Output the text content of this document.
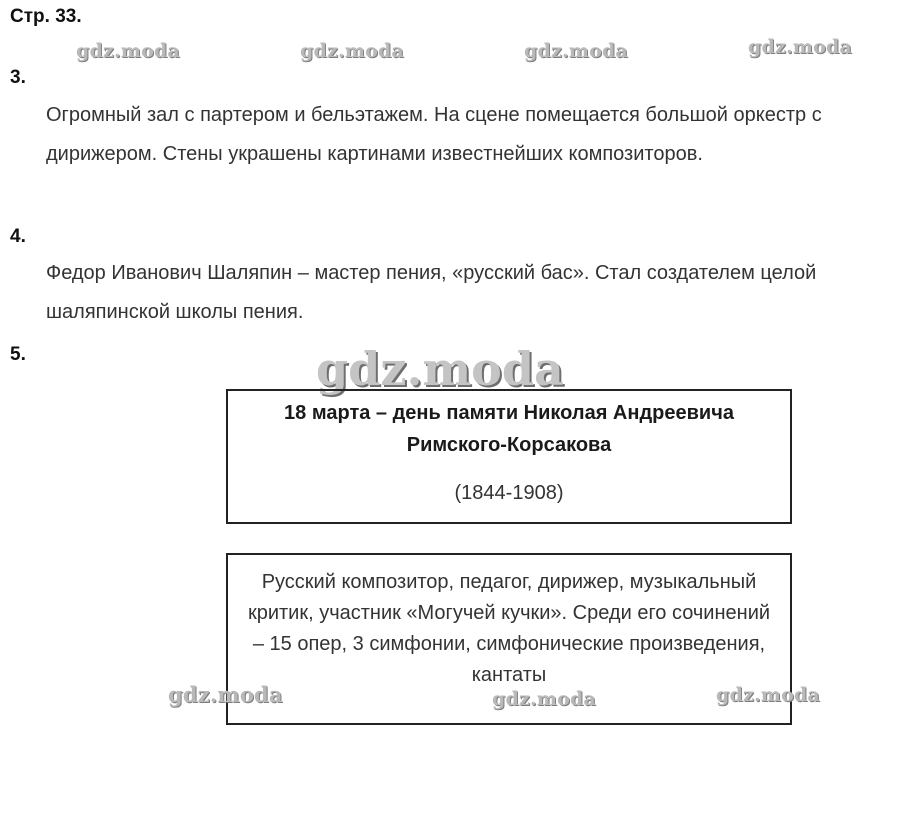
Стр. 33.
gdz.moda	gdz.moda	gdz.moda	gdz.moda
3.

Огромный зал с партером и бельэтажем. На сцене помещается большой оркестр с дирижером. Стены украшены картинами известнейших композиторов.

4.

Федор Иванович Шаляпин – мастер пения, «русский бас». Стал создателем целой шаляпинской школы пения.

5.	gdz.moda

18 марта – день памяти Николая Андреевича Римского-Корсакова

(1844-1908)

Русский композитор, педагог, дирижер, музыкальный критик, участник «Могучей кучки». Среди его сочинений – 15 опер, 3 симфонии, симфонические произведения, кантаты

gdz.moda	gdz.moda	gdz.moda
